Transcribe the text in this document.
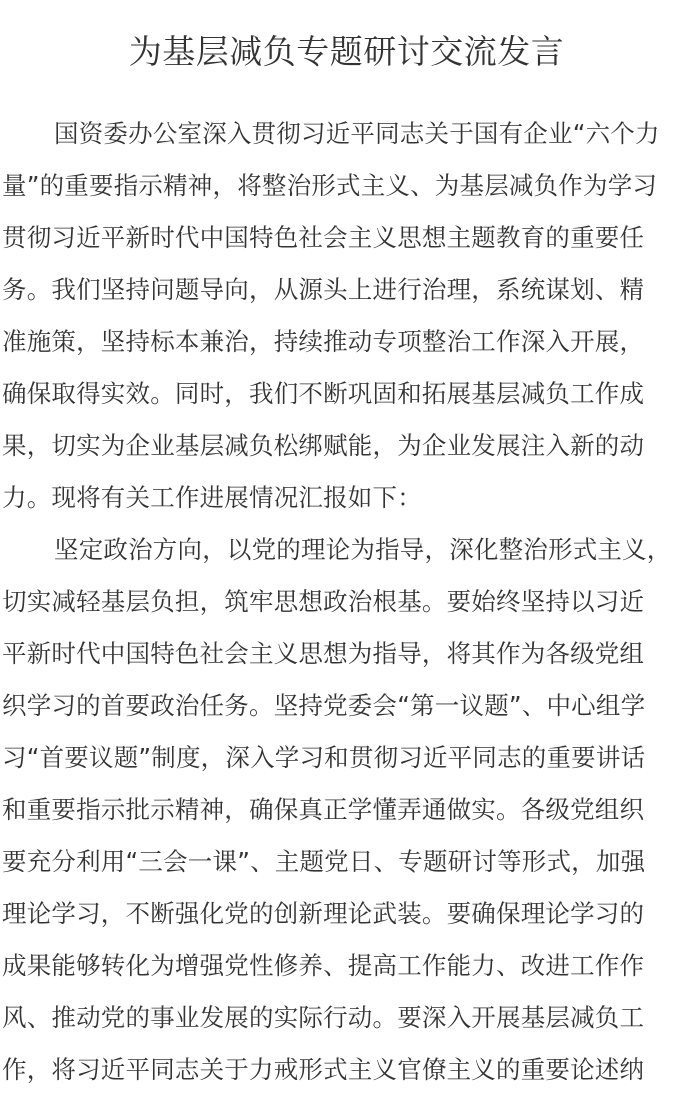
为基层减负专题研讨交流发言
国资委办公室深入贯彻习近平同志关于国有企业“六个力
量”的重要指示精神，将整治形式主义、为基层减负作为学习
贯彻习近平新时代中国特色社会主义思想主题教育的重要任
务。我们坚持问题导向，从源头上进行治理，系统谋划、精
准施策，坚持标本兼治，持续推动专项整治工作深入开展，
确保取得实效。同时，我们不断巩固和拓展基层减负工作成
果，切实为企业基层减负松绑赋能，为企业发展注入新的动
力。现将有关工作进展情况汇报如下：
坚定政治方向，以党的理论为指导，深化整治形式主义，
切实减轻基层负担，筑牢思想政治根基。要始终坚持以习近
平新时代中国特色社会主义思想为指导，将其作为各级党组
织学习的首要政治任务。坚持党委会“第一议题”、中心组学
习“首要议题”制度，深入学习和贯彻习近平同志的重要讲话
和重要指示批示精神，确保真正学懂弄通做实。各级党组织
要充分利用“三会一课”、主题党日、专题研讨等形式，加强
理论学习，不断强化党的创新理论武装。要确保理论学习的
成果能够转化为增强党性修养、提高工作能力、改进工作作
风、推动党的事业发展的实际行动。要深入开展基层减负工
作，将习近平同志关于力戒形式主义官僚主义的重要论述纳
